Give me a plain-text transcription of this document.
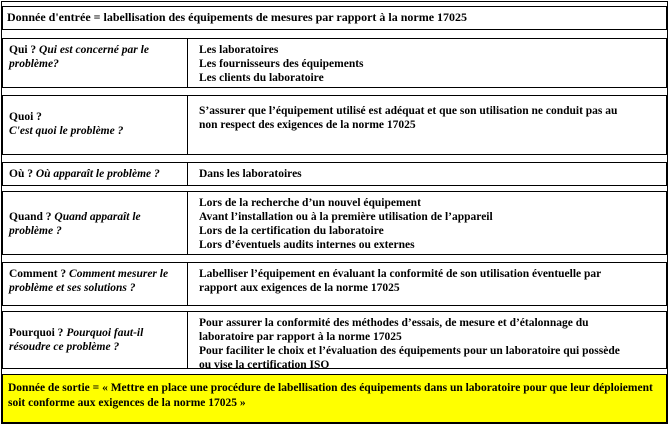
Donnée d'entrée = labellisation des équipements de mesures par rapport à la norme 17025
Qui ? Qui est concerné par le problème?
Les laboratoires
Les fournisseurs des équipements
Les clients du laboratoire
Quoi ?
C'est quoi le problème ?
S’assurer que l’équipement utilisé est adéquat et que son utilisation ne conduit pas au
non respect des exigences de la norme 17025
Où ? Où apparaît le problème ?	Dans les laboratoires
Quand ? Quand apparaît le problème ?
Lors de la recherche d’un nouvel équipement
Avant l’installation ou à la première utilisation de l’appareil
Lors de la certification du laboratoire
Lors d’éventuels audits internes ou externes
Comment ? Comment mesurer le problème et ses solutions ?
Labelliser l’équipement en évaluant la conformité de son utilisation éventuelle par
rapport aux exigences de la norme 17025
Pourquoi ? Pourquoi faut-il résoudre ce problème ?
Pour assurer la conformité des méthodes d’essais, de mesure et d’étalonnage du
laboratoire par rapport à la norme 17025
Pour faciliter le choix et l’évaluation des équipements pour un laboratoire qui possède
ou vise la certification ISO
Donnée de sortie = « Mettre en place une procédure de labellisation des équipements dans un laboratoire pour que leur déploiement soit conforme aux exigences de la norme 17025 »
